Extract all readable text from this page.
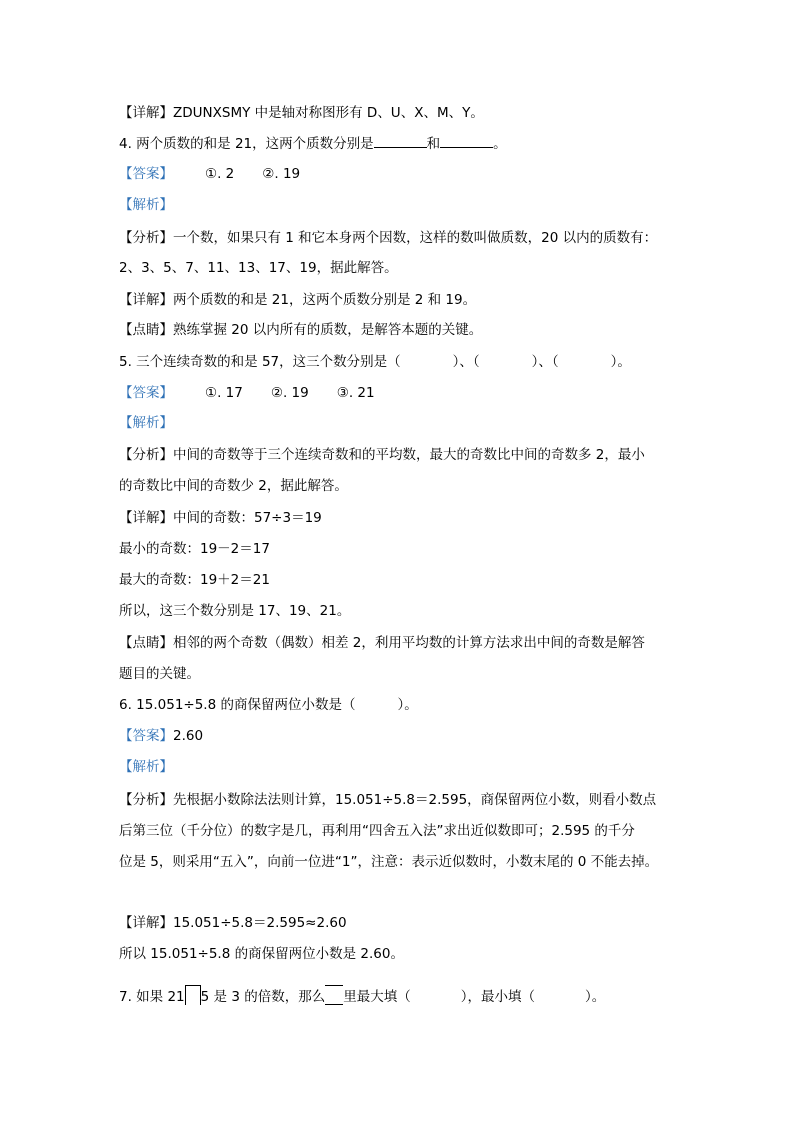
【详解】ZDUNXSMY 中是轴对称图形有 D、U、X、M、Y。
4. 两个质数的和是 21，这两个质数分别是	和	。
【答案】 ①. 2 ②. 19
【解析】
【分析】一个数，如果只有 1 和它本身两个因数，这样的数叫做质数，20 以内的质数有：
2、3、5、7、11、13、17、19，据此解答。
【详解】两个质数的和是 21，这两个质数分别是 2 和 19。
【点睛】熟练掌握 20 以内所有的质数，是解答本题的关键。
5. 三个连续奇数的和是 57，这三个数分别是（	）、（	）、（	）。
【答案】 ①. 17 ②. 19 ③. 21
【解析】
【分析】中间的奇数等于三个连续奇数和的平均数，最大的奇数比中间的奇数多 2，最小
的奇数比中间的奇数少 2，据此解答。
【详解】中间的奇数：57÷3＝19
最小的奇数：19－2＝17
最大的奇数：19＋2＝21
所以，这三个数分别是 17、19、21。
【点睛】相邻的两个奇数（偶数）相差 2，利用平均数的计算方法求出中间的奇数是解答
题目的关键。
6. 15.051÷5.8 的商保留两位小数是（	）。
【答案】2.60
【解析】
【分析】先根据小数除法法则计算，15.051÷5.8＝2.595，商保留两位小数，则看小数点
后第三位（千分位）的数字是几，再利用“四舍五入法”求出近似数即可；2.595 的千分
位是 5，则采用“五入”，向前一位进“1”，注意：表示近似数时，小数末尾的 0 不能去掉。
【详解】15.051÷5.8＝2.595≈2.60
所以 15.051÷5.8 的商保留两位小数是 2.60。
7. 如果 21 5 是 3 的倍数，那么 里最大填（	），最小填（	）。
